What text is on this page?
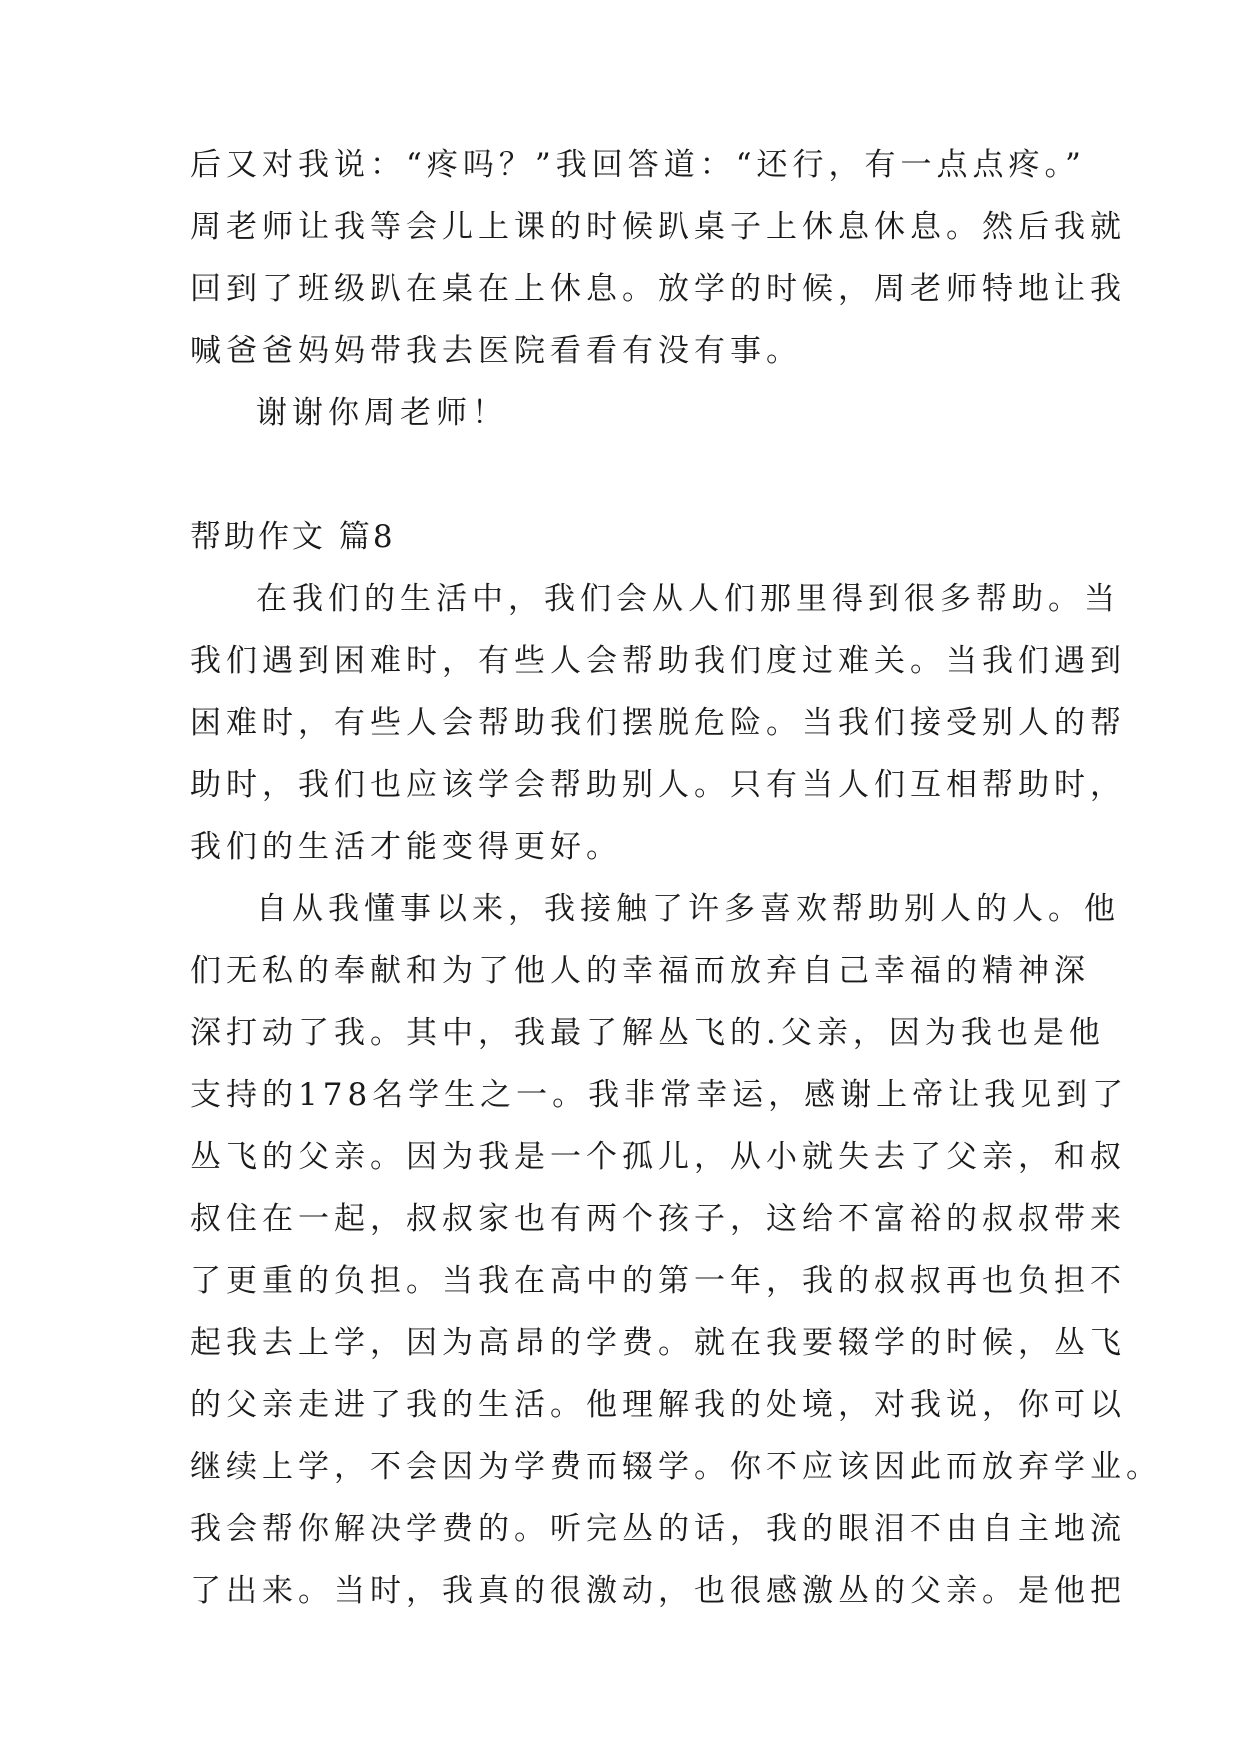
后又对我说：“疼吗？”我回答道：“还行，有一点点疼。”
周老师让我等会儿上课的时候趴桌子上休息休息。然后我就
回到了班级趴在桌在上休息。放学的时候，周老师特地让我
喊爸爸妈妈带我去医院看看有没有事。
谢谢你周老师！
帮助作文 篇8
在我们的生活中，我们会从人们那里得到很多帮助。当
我们遇到困难时，有些人会帮助我们度过难关。当我们遇到
困难时，有些人会帮助我们摆脱危险。当我们接受别人的帮
助时，我们也应该学会帮助别人。只有当人们互相帮助时，
我们的生活才能变得更好。
自从我懂事以来，我接触了许多喜欢帮助别人的人。他
们无私的奉献和为了他人的幸福而放弃自己幸福的精神深
深打动了我。其中，我最了解丛飞的.父亲，因为我也是他
支持的178名学生之一。我非常幸运，感谢上帝让我见到了
丛飞的父亲。因为我是一个孤儿，从小就失去了父亲，和叔
叔住在一起，叔叔家也有两个孩子，这给不富裕的叔叔带来
了更重的负担。当我在高中的第一年，我的叔叔再也负担不
起我去上学，因为高昂的学费。就在我要辍学的时候，丛飞
的父亲走进了我的生活。他理解我的处境，对我说，你可以
继续上学，不会因为学费而辍学。你不应该因此而放弃学业。
我会帮你解决学费的。听完丛的话，我的眼泪不由自主地流
了出来。当时，我真的很激动，也很感激丛的父亲。是他把
